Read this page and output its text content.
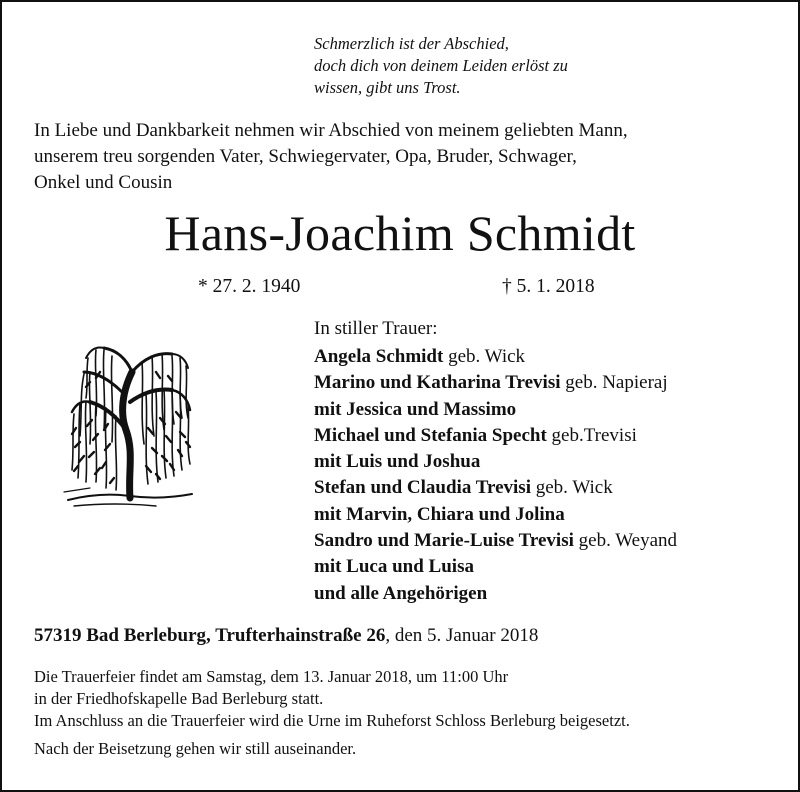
Schmerzlich ist der Abschied,
doch dich von deinem Leiden erlöst zu
wissen, gibt uns Trost.
In Liebe und Dankbarkeit nehmen wir Abschied von meinem geliebten Mann,
unserem treu sorgenden Vater, Schwiegervater, Opa, Bruder, Schwager,
Onkel und Cousin
Hans-Joachim Schmidt
* 27. 2. 1940	† 5. 1. 2018
In stiller Trauer:
Angela Schmidt geb. Wick
Marino und Katharina Trevisi geb. Napieraj
mit Jessica und Massimo
Michael und Stefania Specht geb.Trevisi
mit Luis und Joshua
Stefan und Claudia Trevisi geb. Wick
mit Marvin, Chiara und Jolina
Sandro und Marie-Luise Trevisi geb. Weyand
mit Luca und Luisa
und alle Angehörigen
57319 Bad Berleburg, Trufterhainstraße 26, den 5. Januar 2018
Die Trauerfeier findet am Samstag, dem 13. Januar 2018, um 11:00 Uhr
in der Friedhofskapelle Bad Berleburg statt.
Im Anschluss an die Trauerfeier wird die Urne im Ruheforst Schloss Berleburg beigesetzt.
Nach der Beisetzung gehen wir still auseinander.
